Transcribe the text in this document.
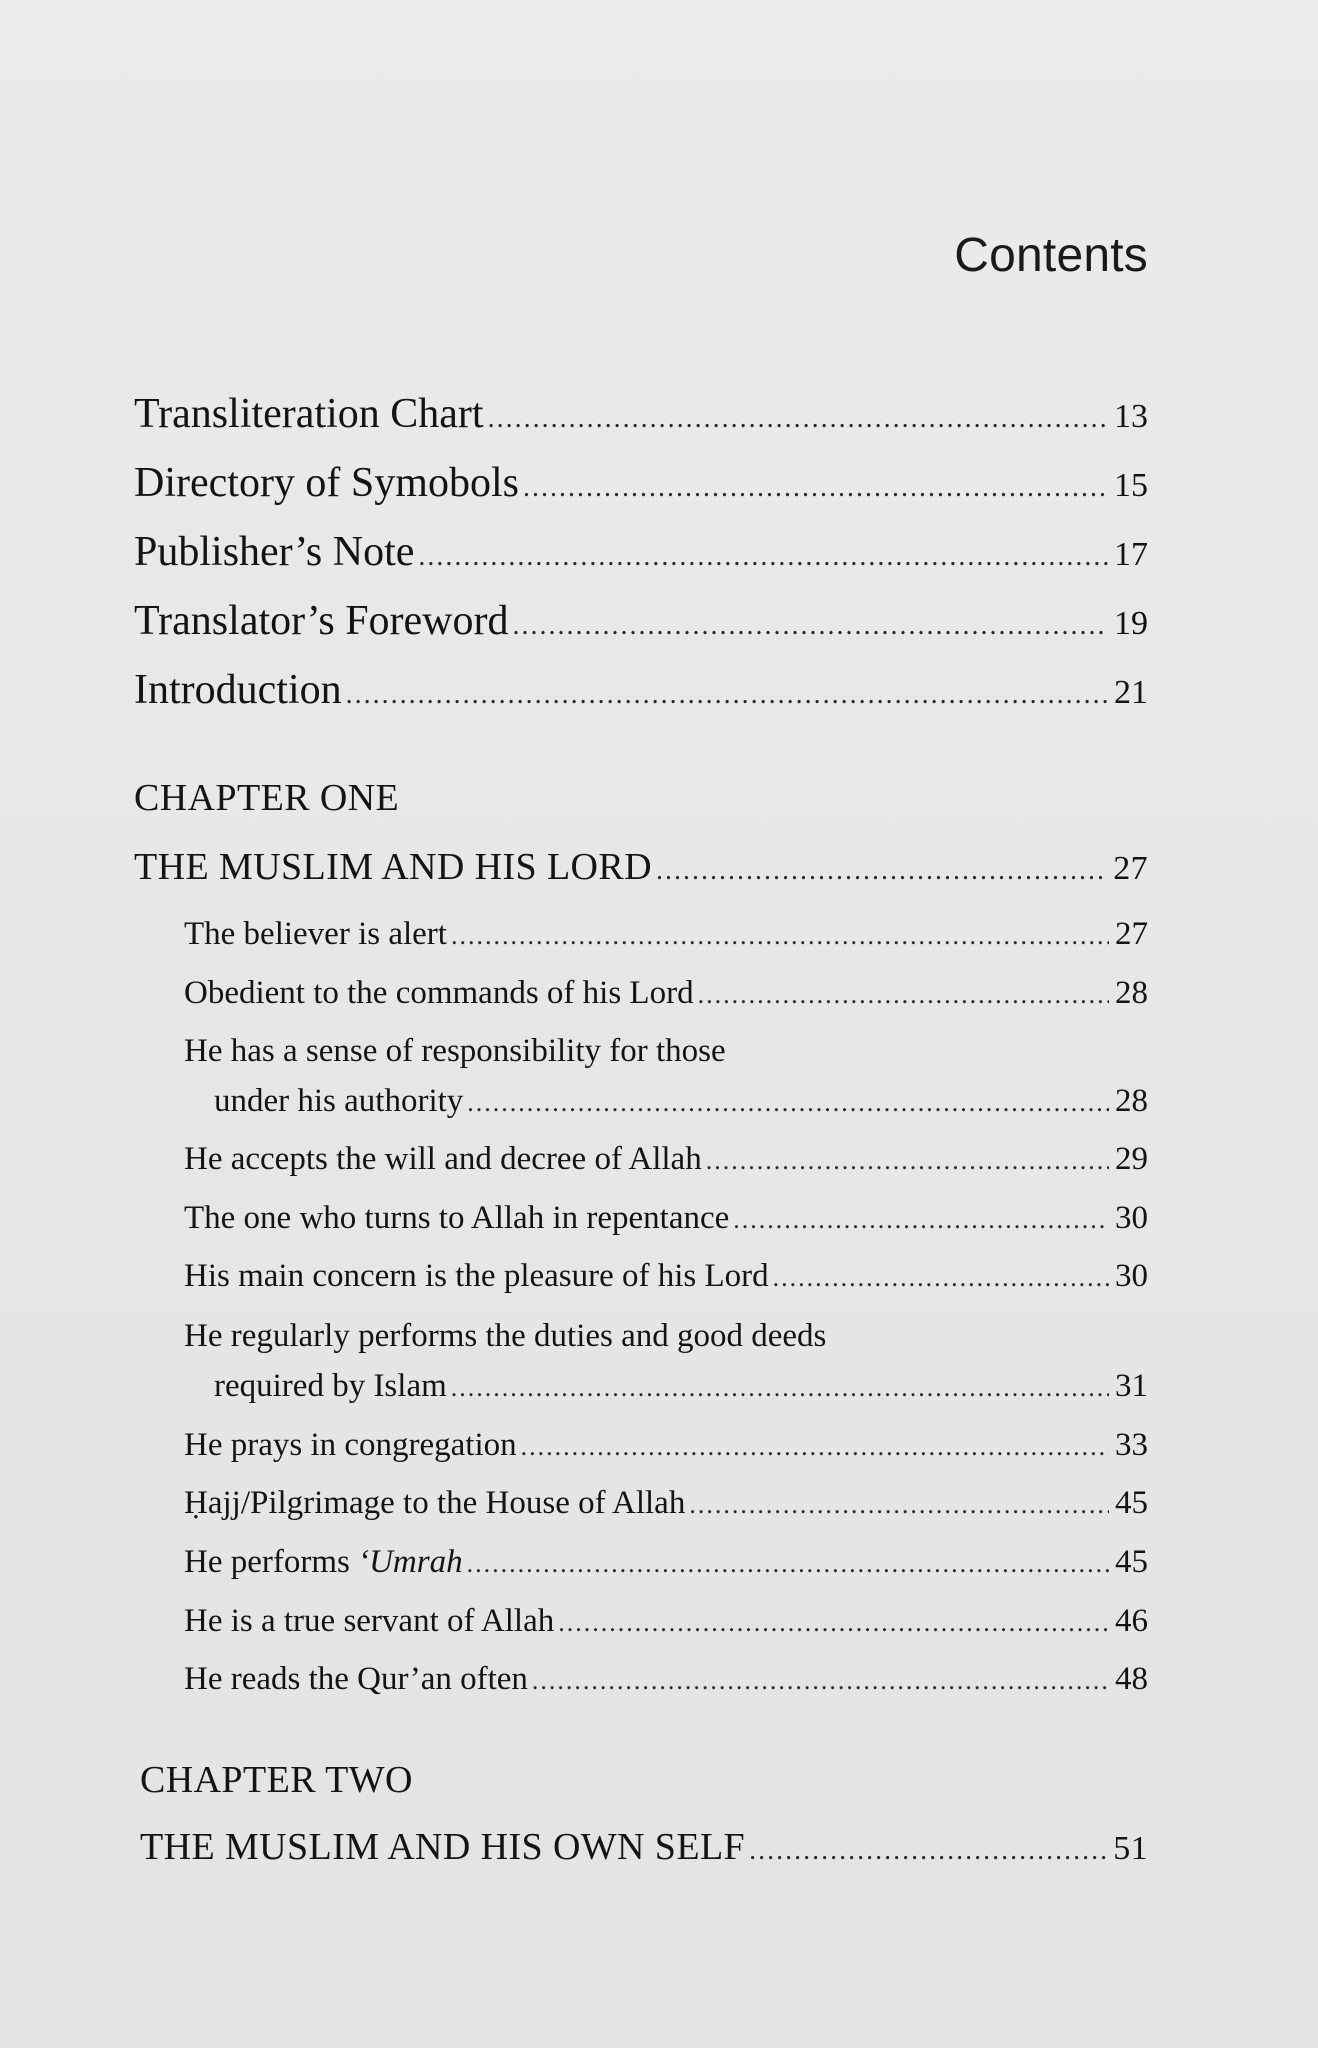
Contents
Transliteration Chart .....	13
Directory of Symobols .....	15
Publisher’s Note .....	17
Translator’s Foreword .....	19
Introduction .....	21
CHAPTER ONE
THE MUSLIM AND HIS LORD .....	27
The believer is alert .....	27
Obedient to the commands of his Lord .....	28
He has a sense of responsibility for those
under his authority .....	28
He accepts the will and decree of Allah .....	29
The one who turns to Allah in repentance .....	30
His main concern is the pleasure of his Lord .....	30
He regularly performs the duties and good deeds
required by Islam .....	31
He prays in congregation .....	33
Ḥajj/Pilgrimage to the House of Allah .....	45
He performs ‘Umrah .....	45
He is a true servant of Allah .....	46
He reads the Qur’an often .....	48
CHAPTER TWO
THE MUSLIM AND HIS OWN SELF .....	51
